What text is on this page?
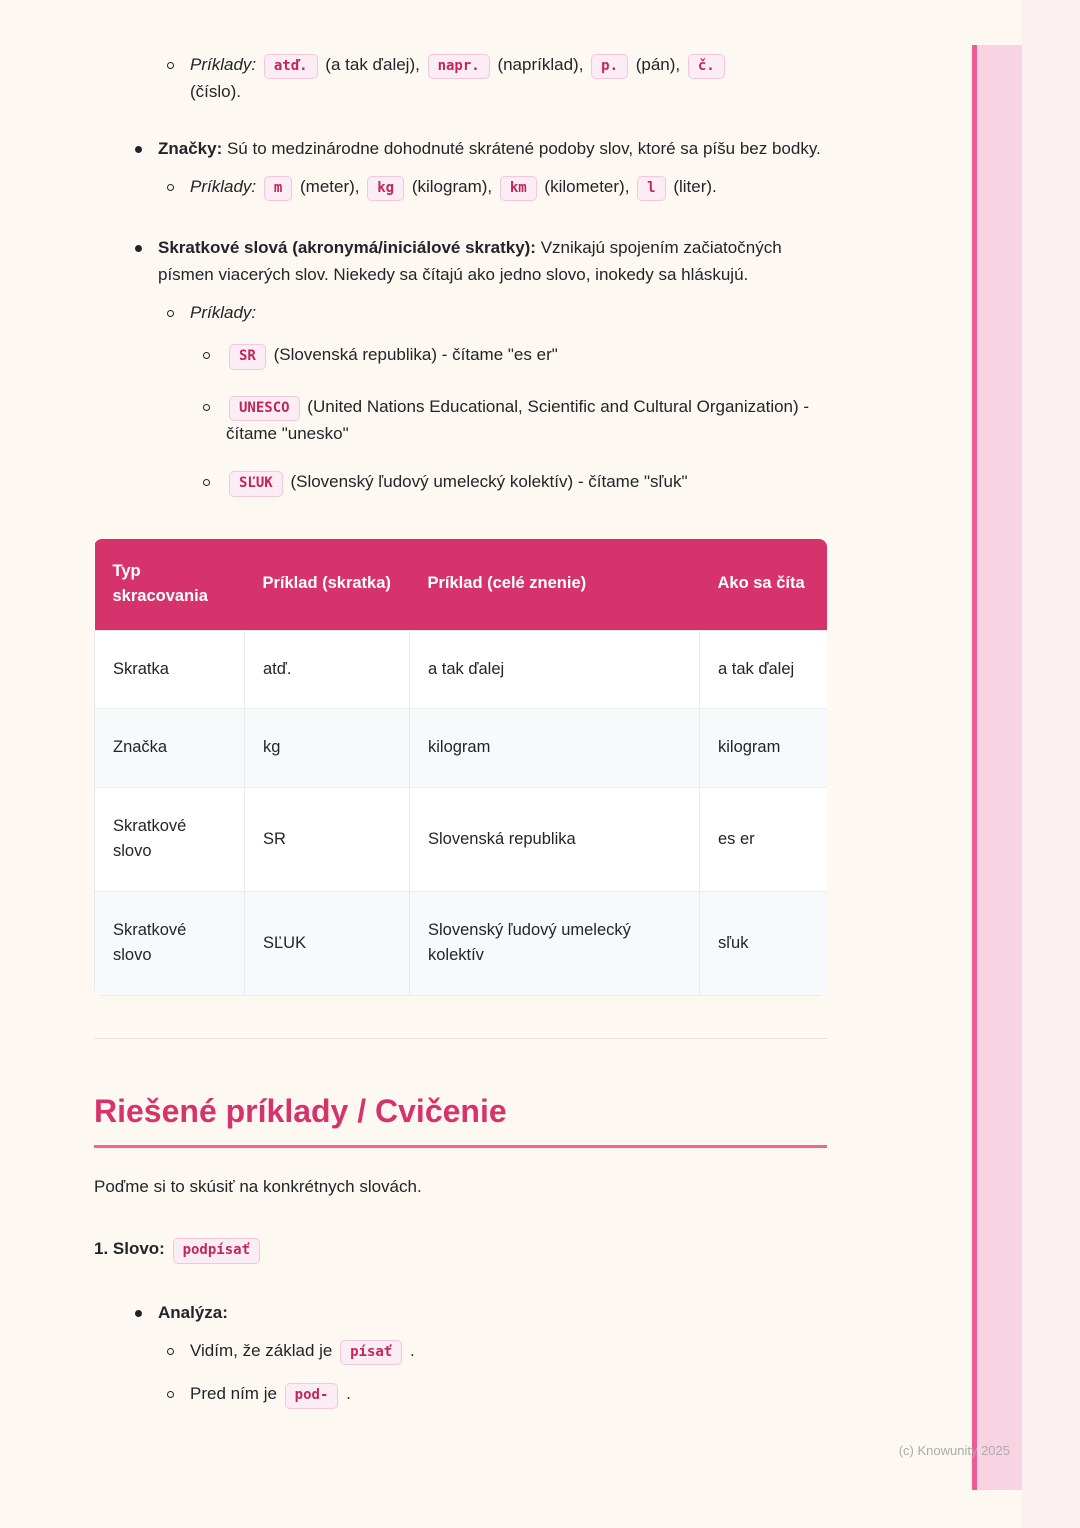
Príklady: atď. (a tak ďalej), napr. (napríklad), p. (pán), č. (číslo).
Značky: Sú to medzinárodne dohodnuté skrátené podoby slov, ktoré sa píšu bez bodky.
Príklady: m (meter), kg (kilogram), km (kilometer), l (liter).
Skratkové slová (akronymá/iniciálové skratky): Vznikajú spojením začiatočných písmen viacerých slov. Niekedy sa čítajú ako jedno slovo, inokedy sa hláskujú.
Príklady:
SR (Slovenská republika) - čítame "es er"
UNESCO (United Nations Educational, Scientific and Cultural Organization) - čítame "unesko"
SĽUK (Slovenský ľudový umelecký kolektív) - čítame "sľuk"
Typ skracovania	Príklad (skratka)	Príklad (celé znenie)	Ako sa číta
Skratka	atď.	a tak ďalej	a tak ďalej
Značka	kg	kilogram	kilogram
Skratkové slovo	SR	Slovenská republika	es er
Skratkové slovo	SĽUK	Slovenský ľudový umelecký kolektív	sľuk
Riešené príklady / Cvičenie

Poďme si to skúsiť na konkrétnych slovách.

1. Slovo: podpísať
Analýza:
Vidím, že základ je písať .
Pred ním je pod- .
(c) Knowunity 2025
